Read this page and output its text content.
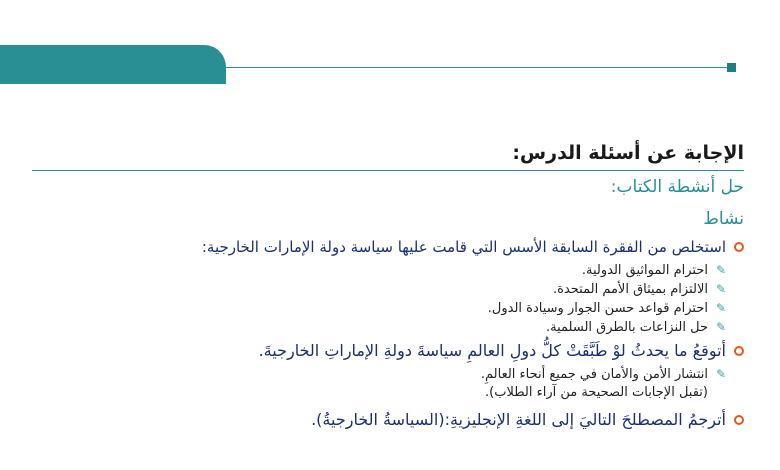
الإجابة عن أسئلة الدرس:
حل أنشطة الكتاب:
نشاط
استخلص من الفقرة السابقة الأسس التي قامت عليها سياسة دولة الإمارات الخارجية:
✎
احترام المواثيق الدولية.
✎
الالتزام بميثاق الأمم المتحدة.
✎
احترام قواعد حسن الجوار وسيادة الدول.
✎
حل النزاعات بالطرق السلمية.
أتوقعُ ما يحدثُ لوْ طَبَّقَتْ كلُّ دولِ العالمِ سياسةَ دولةِ الإماراتِ الخارجيةَ.
✎
انتشار الأمن والأمان في جميع أنحاء العالمِ.
(تقبل الإجابات الصحيحة من آراء الطلاب).
أترجمُ المصطلحَ التاليَ إلى اللغةِ الإنجليزيةِ:(السياسةُ الخارجيةُ).
